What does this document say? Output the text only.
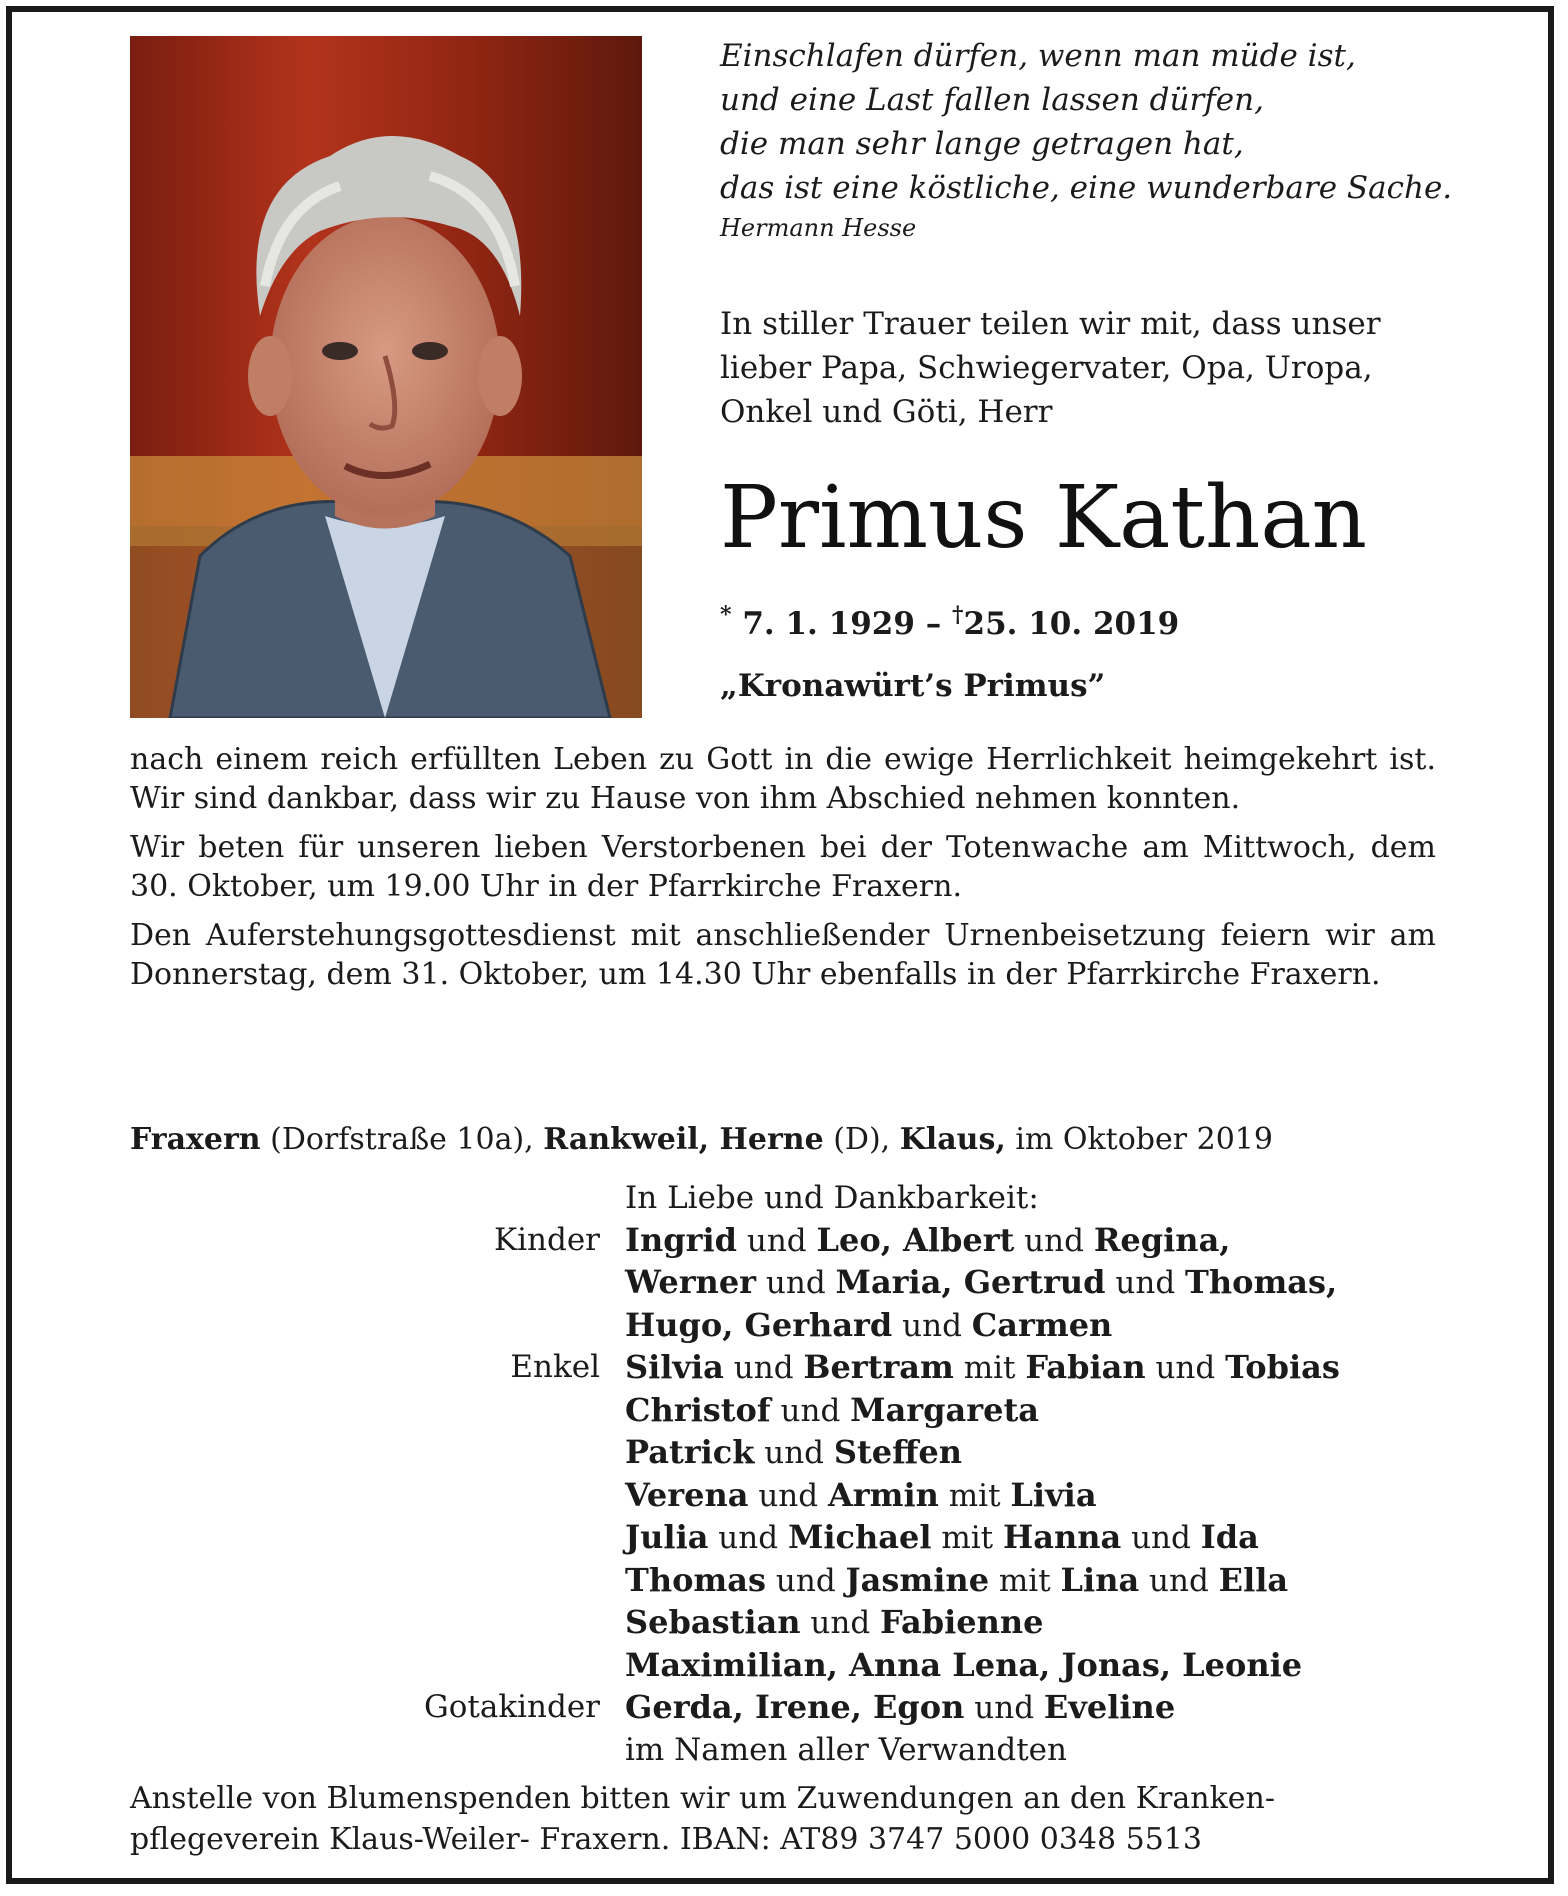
Einschlafen dürfen, wenn man müde ist,
und eine Last fallen lassen dürfen,
die man sehr lange getragen hat,
das ist eine köstliche, eine wunderbare Sache.
Hermann Hesse
In stiller Trauer teilen wir mit, dass unser
lieber Papa, Schwiegervater, Opa, Uropa,
Onkel und Göti, Herr
Primus Kathan
* 7. 1. 1929 – †25. 10. 2019
„Kronawürt’s Primus”

nach einem reich erfüllten Leben zu Gott in die ewige Herrlichkeit heimgekehrt ist. Wir sind dankbar, dass wir zu Hause von ihm Abschied nehmen konnten.

Wir beten für unseren lieben Verstorbenen bei der Totenwache am Mittwoch, dem 30. Oktober, um 19.00 Uhr in der Pfarrkirche Fraxern.

Den Auferstehungsgottesdienst mit anschließender Urnenbeisetzung feiern wir am Donnerstag, dem 31. Oktober, um 14.30 Uhr ebenfalls in der Pfarrkirche Fraxern.

Fraxern (Dorfstraße 10a), Rankweil, Herne (D), Klaus, im Oktober 2019
In Liebe und Dankbarkeit:
Kinder Ingrid und Leo, Albert und Regina,
Werner und Maria, Gertrud und Thomas,
Hugo, Gerhard und Carmen
Enkel Silvia und Bertram mit Fabian und Tobias
Christof und Margareta
Patrick und Steffen
Verena und Armin mit Livia
Julia und Michael mit Hanna und Ida
Thomas und Jasmine mit Lina und Ella
Sebastian und Fabienne
Maximilian, Anna Lena, Jonas, Leonie
Gotakinder Gerda, Irene, Egon und Eveline
im Namen aller Verwandten
Anstelle von Blumenspenden bitten wir um Zuwendungen an den Kranken-
pflegeverein Klaus-Weiler- Fraxern. IBAN: AT89 3747 5000 0348 5513
